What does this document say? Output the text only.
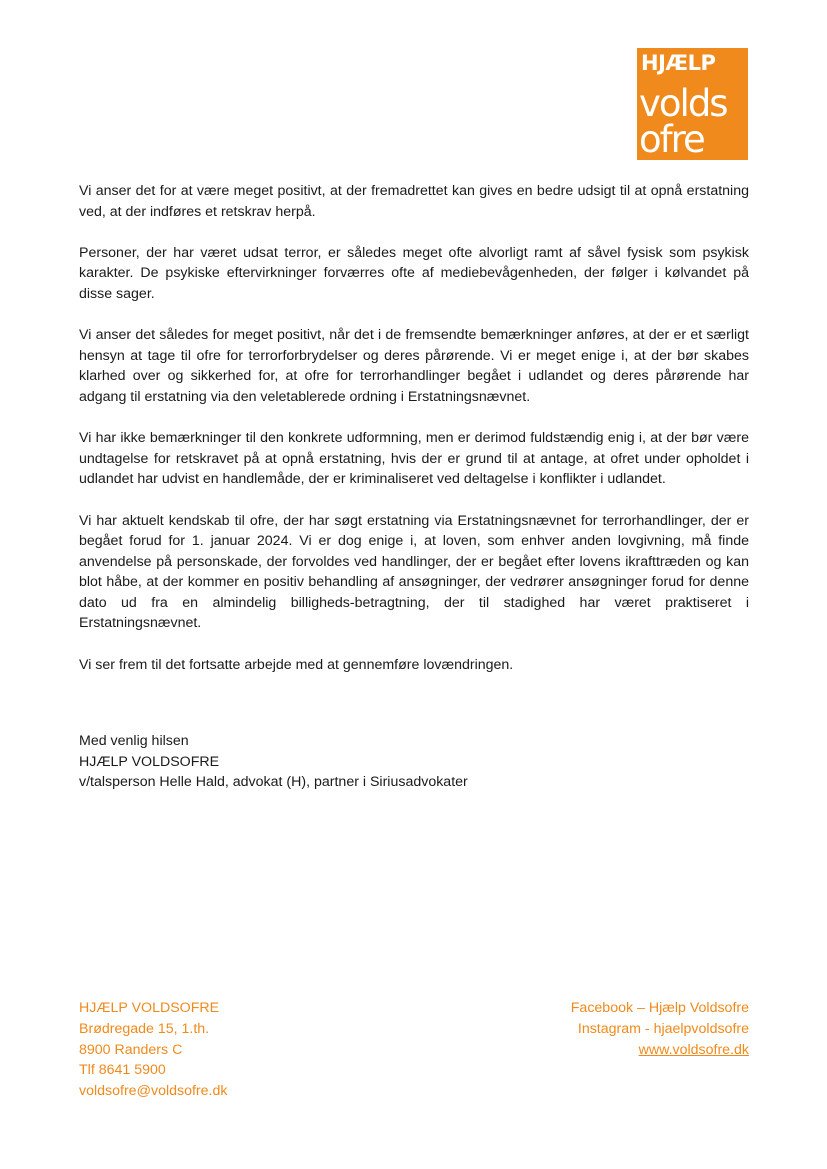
HJÆLP
volds
ofre

Vi anser det for at være meget positivt, at der fremadrettet kan gives en bedre udsigt til at opnå erstatning ved, at der indføres et retskrav herpå.

Personer, der har været udsat terror, er således meget ofte alvorligt ramt af såvel fysisk som psykisk karakter. De psykiske eftervirkninger forværres ofte af mediebevågenheden, der følger i kølvandet på disse sager.

Vi anser det således for meget positivt, når det i de fremsendte bemærkninger anføres, at der er et særligt hensyn at tage til ofre for terrorforbrydelser og deres pårørende. Vi er meget enige i, at der bør skabes klarhed over og sikkerhed for, at ofre for terrorhandlinger begået i udlandet og deres pårørende har adgang til erstatning via den veletablerede ordning i Erstatningsnævnet.

Vi har ikke bemærkninger til den konkrete udformning, men er derimod fuldstændig enig i, at der bør være undtagelse for retskravet på at opnå erstatning, hvis der er grund til at antage, at ofret under opholdet i udlandet har udvist en handlemåde, der er kriminaliseret ved deltagelse i konflikter i udlandet.

Vi har aktuelt kendskab til ofre, der har søgt erstatning via Erstatningsnævnet for terrorhandlinger, der er begået forud for 1. januar 2024. Vi er dog enige i, at loven, som enhver anden lovgivning, må finde anvendelse på personskade, der forvoldes ved handlinger, der er begået efter lovens ikrafttræden og kan blot håbe, at der kommer en positiv behandling af ansøgninger, der vedrører ansøgninger forud for denne dato ud fra en almindelig billigheds-betragtning, der til stadighed har været praktiseret i Erstatningsnævnet.

Vi ser frem til det fortsatte arbejde med at gennemføre lovændringen.

Med venlig hilsen
HJÆLP VOLDSOFRE
v/talsperson Helle Hald, advokat (H), partner i Siriusadvokater
HJÆLP VOLDSOFRE
Brødregade 15, 1.th.
8900 Randers C
Tlf 8641 5900
voldsofre@voldsofre.dk
Facebook – Hjælp Voldsofre
Instagram - hjaelpvoldsofre
www.voldsofre.dk
